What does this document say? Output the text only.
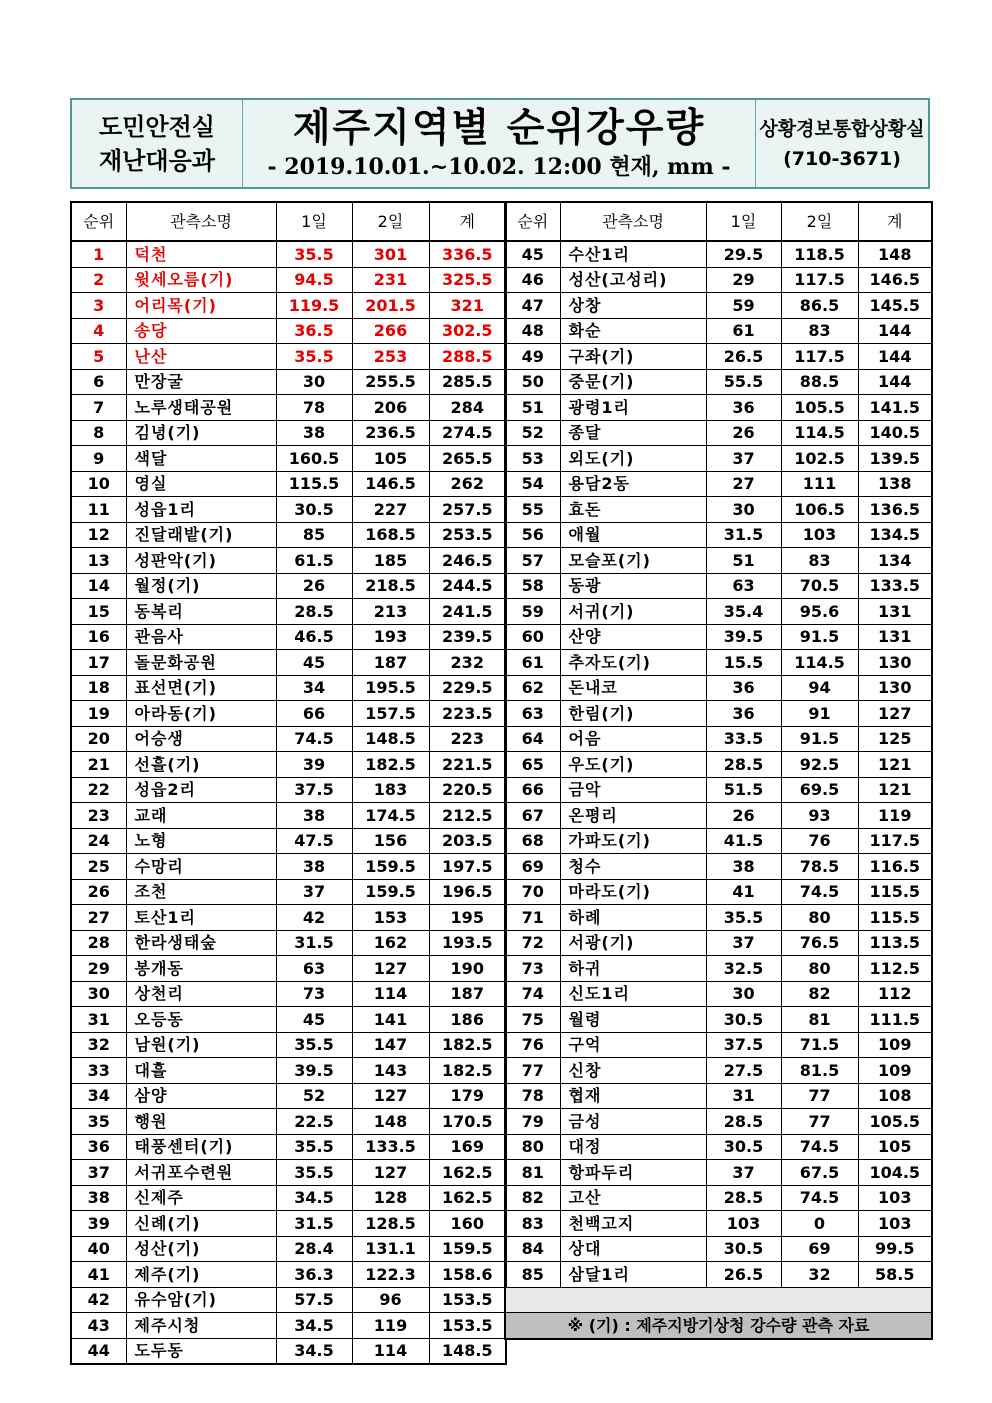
도민안전실
재난대응과
제주지역별 순위강우량
- 2019.10.01.~10.02. 12:00 현재, mm -
상황경보통합상황실
(710-3671)
순위	관측소명	1일	2일	계
1	덕천	35.5	301	336.5
2	윗세오름(기)	94.5	231	325.5
3	어리목(기)	119.5	201.5	321
4	송당	36.5	266	302.5
5	난산	35.5	253	288.5
6	만장굴	30	255.5	285.5
7	노루생태공원	78	206	284
8	김녕(기)	38	236.5	274.5
9	색달	160.5	105	265.5
10	영실	115.5	146.5	262
11	성읍1리	30.5	227	257.5
12	진달래밭(기)	85	168.5	253.5
13	성판악(기)	61.5	185	246.5
14	월정(기)	26	218.5	244.5
15	동복리	28.5	213	241.5
16	관음사	46.5	193	239.5
17	돌문화공원	45	187	232
18	표선면(기)	34	195.5	229.5
19	아라동(기)	66	157.5	223.5
20	어승생	74.5	148.5	223
21	선흘(기)	39	182.5	221.5
22	성읍2리	37.5	183	220.5
23	교래	38	174.5	212.5
24	노형	47.5	156	203.5
25	수망리	38	159.5	197.5
26	조천	37	159.5	196.5
27	토산1리	42	153	195
28	한라생태숲	31.5	162	193.5
29	봉개동	63	127	190
30	상천리	73	114	187
31	오등동	45	141	186
32	남원(기)	35.5	147	182.5
33	대흘	39.5	143	182.5
34	삼양	52	127	179
35	행원	22.5	148	170.5
36	태풍센터(기)	35.5	133.5	169
37	서귀포수련원	35.5	127	162.5
38	신제주	34.5	128	162.5
39	신례(기)	31.5	128.5	160
40	성산(기)	28.4	131.1	159.5
41	제주(기)	36.3	122.3	158.6
42	유수암(기)	57.5	96	153.5
43	제주시청	34.5	119	153.5
44	도두동	34.5	114	148.5
순위	관측소명	1일	2일	계
45	수산1리	29.5	118.5	148
46	성산(고성리)	29	117.5	146.5
47	상창	59	86.5	145.5
48	화순	61	83	144
49	구좌(기)	26.5	117.5	144
50	중문(기)	55.5	88.5	144
51	광령1리	36	105.5	141.5
52	종달	26	114.5	140.5
53	외도(기)	37	102.5	139.5
54	용담2동	27	111	138
55	효돈	30	106.5	136.5
56	애월	31.5	103	134.5
57	모슬포(기)	51	83	134
58	동광	63	70.5	133.5
59	서귀(기)	35.4	95.6	131
60	산양	39.5	91.5	131
61	추자도(기)	15.5	114.5	130
62	돈내코	36	94	130
63	한림(기)	36	91	127
64	어음	33.5	91.5	125
65	우도(기)	28.5	92.5	121
66	금악	51.5	69.5	121
67	온평리	26	93	119
68	가파도(기)	41.5	76	117.5
69	청수	38	78.5	116.5
70	마라도(기)	41	74.5	115.5
71	하례	35.5	80	115.5
72	서광(기)	37	76.5	113.5
73	하귀	32.5	80	112.5
74	신도1리	30	82	112
75	월령	30.5	81	111.5
76	구억	37.5	71.5	109
77	신창	27.5	81.5	109
78	협재	31	77	108
79	금성	28.5	77	105.5
80	대정	30.5	74.5	105
81	항파두리	37	67.5	104.5
82	고산	28.5	74.5	103
83	천백고지	103	0	103
84	상대	30.5	69	99.5
85	삼달1리	26.5	32	58.5

※ (기) : 제주지방기상청 강수량 관측 자료				
